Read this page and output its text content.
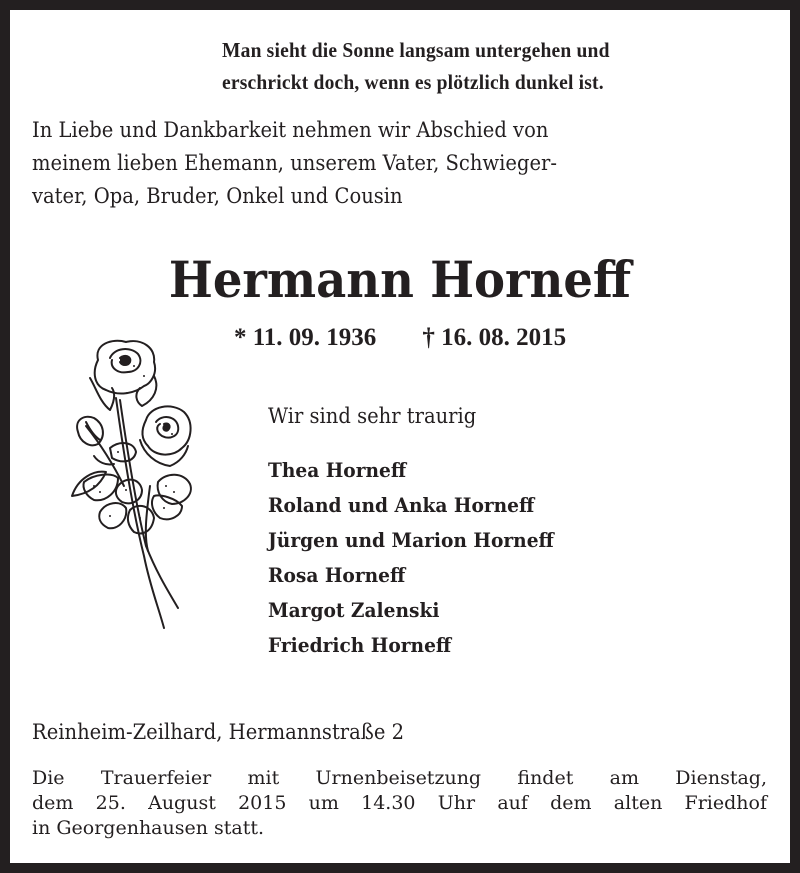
Man sieht die Sonne langsam untergehen und
erschrickt doch, wenn es plötzlich dunkel ist.
In Liebe und Dankbarkeit nehmen wir Abschied von
meinem lieben Ehemann, unserem Vater, Schwieger-
vater, Opa, Bruder, Onkel und Cousin
Hermann Horneff
* 11. 09. 1936 † 16. 08. 2015
Wir sind sehr traurig
Thea Horneff
Roland und Anka Horneff
Jürgen und Marion Horneff
Rosa Horneff
Margot Zalenski
Friedrich Horneff
Reinheim-Zeilhard, Hermannstraße 2
Die Trauerfeier mit Urnenbeisetzung findet am Dienstag,
dem 25. August 2015 um 14.30 Uhr auf dem alten Friedhof
in Georgenhausen statt.
